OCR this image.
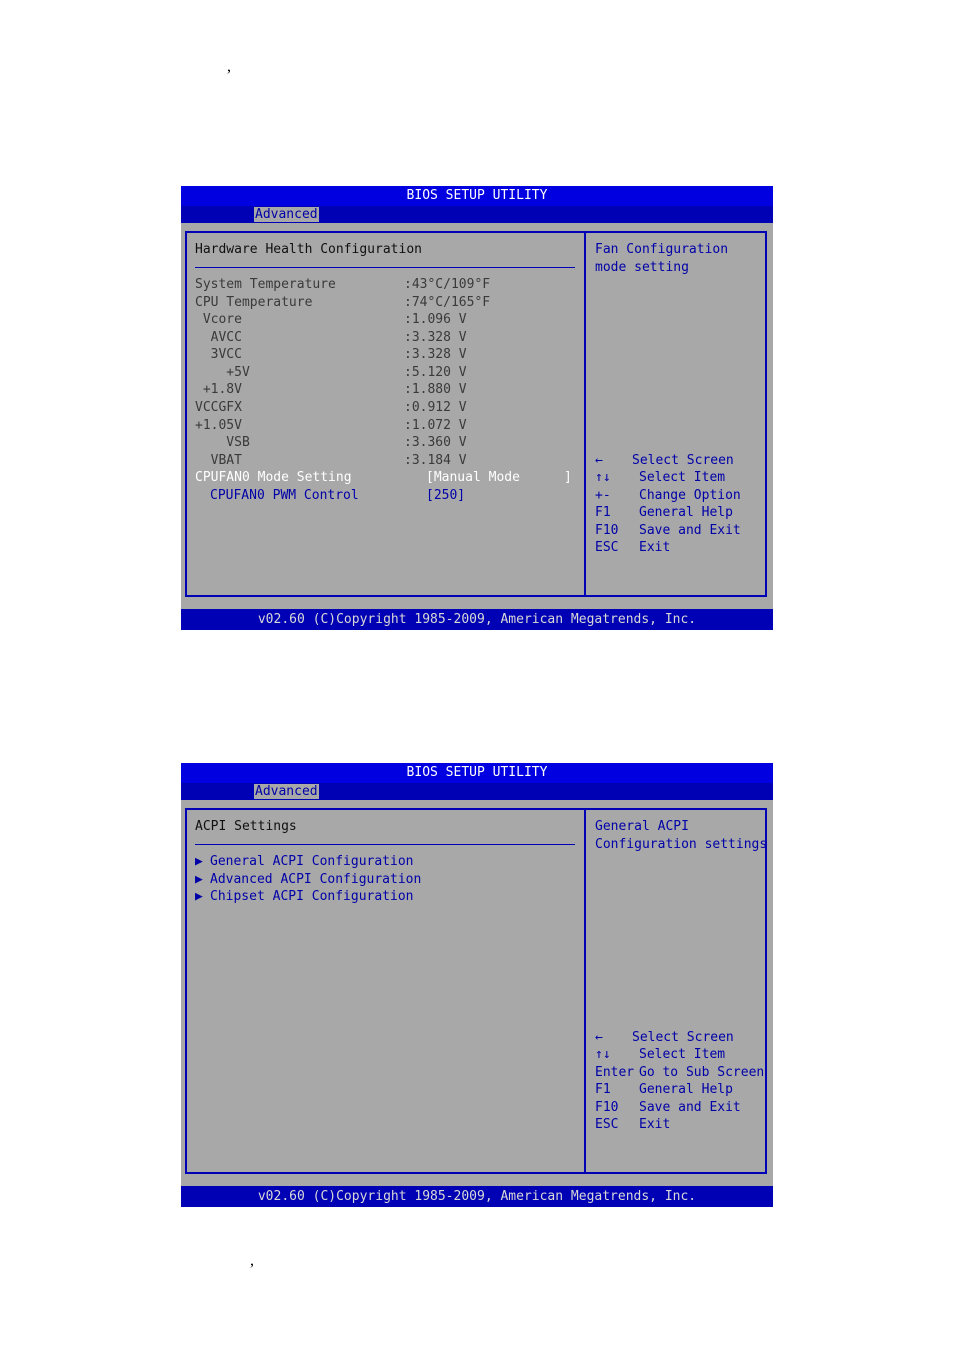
,
BIOS SETUP UTILITY
Advanced
Hardware Health Configuration
System Temperature	:43°C/109°F
CPU Temperature	:74°C/165°F
Vcore	:1.096 V
AVCC	:3.328 V
3VCC	:3.328 V
+5V	:5.120 V
+1.8V	:1.880 V
VCCGFX	:0.912 V
+1.05V	:1.072 V
VSB	:3.360 V
VBAT	:3.184 V
CPUFAN0 Mode Setting	[Manual Mode	]
CPUFAN0 PWM Control	[250]
Fan Configuration
mode setting
← Select Screen
↑↓ Select Item
+- Change Option
F1 General Help
F10 Save and Exit
ESC Exit
v02.60 (C)Copyright 1985-2009, American Megatrends, Inc.
BIOS SETUP UTILITY
Advanced
ACPI Settings
▶ General ACPI Configuration
▶ Advanced ACPI Configuration
▶ Chipset ACPI Configuration
General ACPI
Configuration settings
← Select Screen
↑↓ Select Item
Enter Go to Sub Screen
F1 General Help
F10 Save and Exit
ESC Exit
v02.60 (C)Copyright 1985-2009, American Megatrends, Inc.
,
